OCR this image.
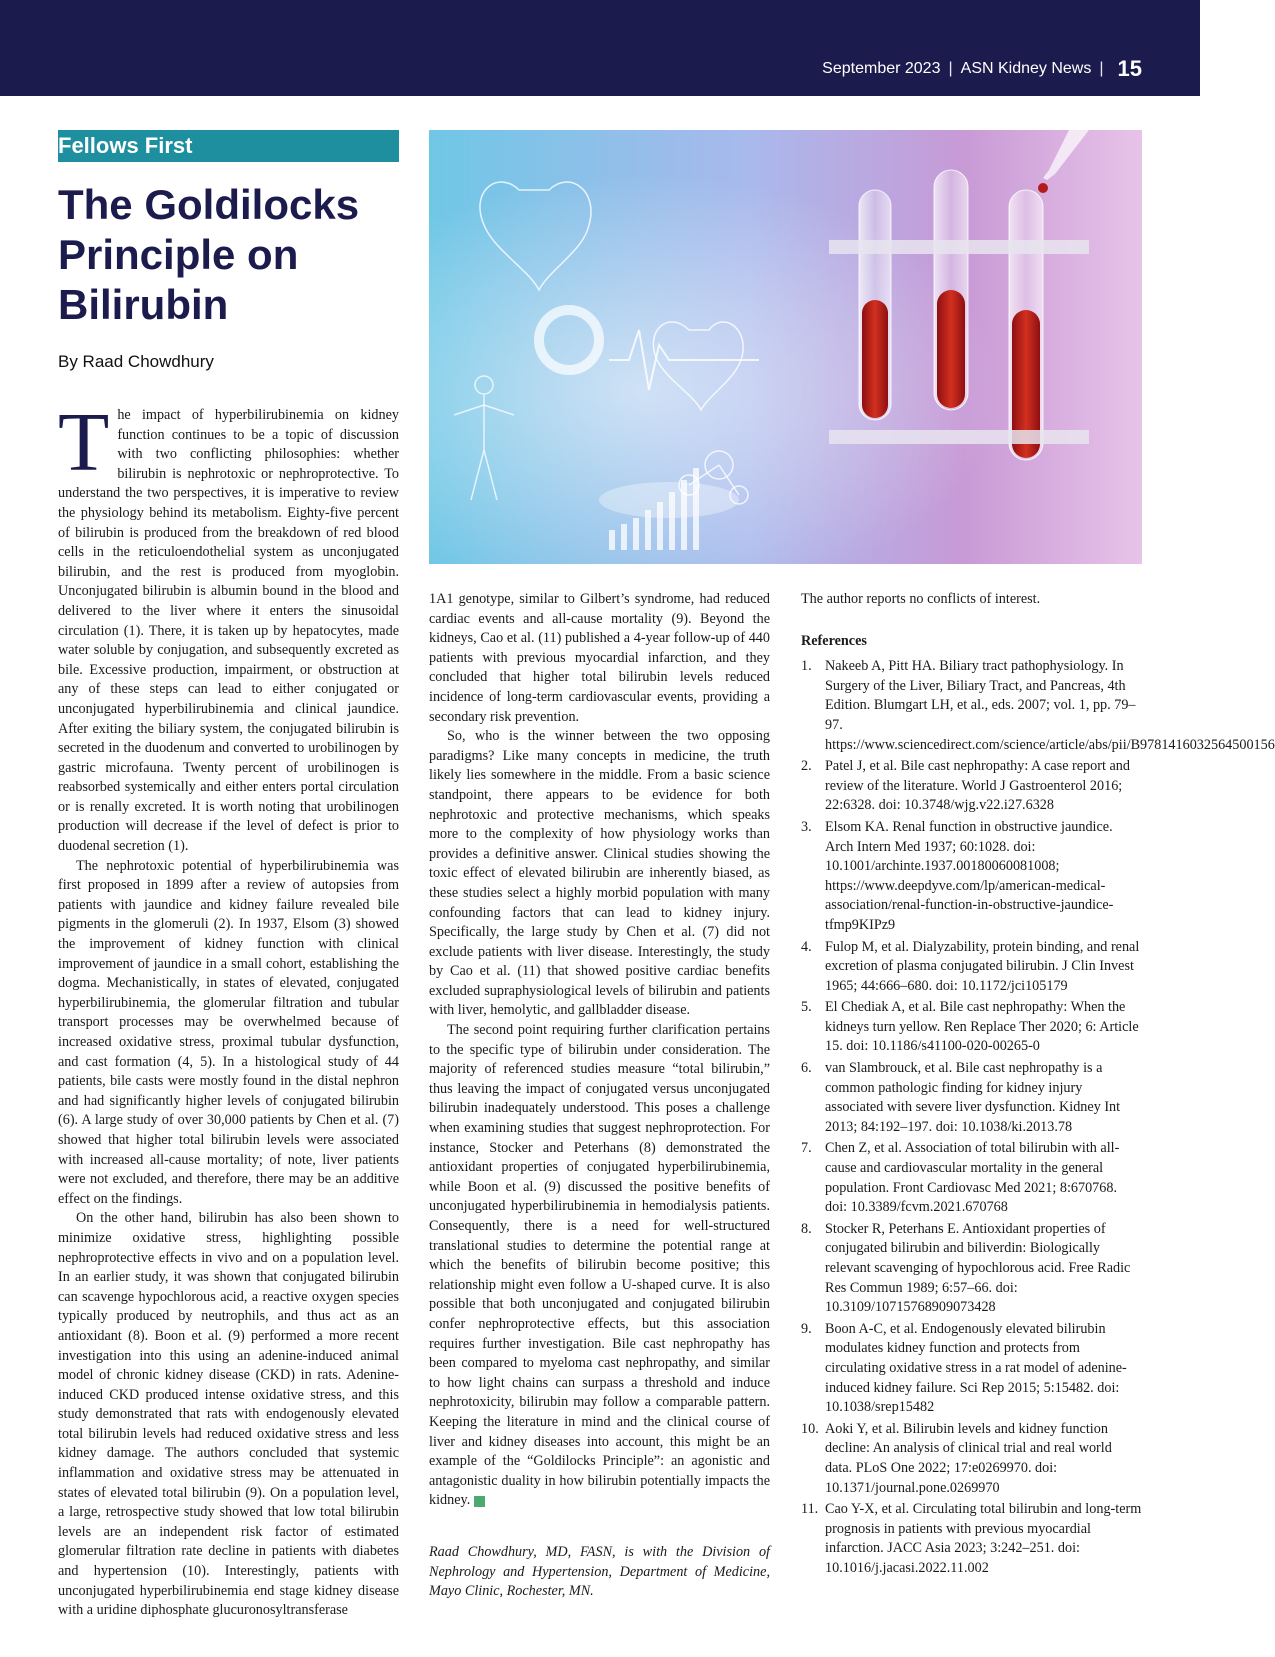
September 2023 | ASN Kidney News | 15
Fellows First
The Goldilocks Principle on Bilirubin
By Raad Chowdhury

The impact of hyperbilirubinemia on kidney function continues to be a topic of discussion with two conflicting philosophies: whether bilirubin is nephrotoxic or nephroprotective. To understand the two perspectives, it is imperative to review the physiology behind its metabolism. Eighty-five percent of bilirubin is produced from the breakdown of red blood cells in the reticuloendothelial system as unconjugated bilirubin, and the rest is produced from myoglobin. Unconjugated bilirubin is albumin bound in the blood and delivered to the liver where it enters the sinusoidal circulation (1). There, it is taken up by hepatocytes, made water soluble by conjugation, and subsequently excreted as bile. Excessive production, impairment, or obstruction at any of these steps can lead to either conjugated or unconjugated hyperbilirubinemia and clinical jaundice. After exiting the biliary system, the conjugated bilirubin is secreted in the duodenum and converted to urobilinogen by gastric microfauna. Twenty percent of urobilinogen is reabsorbed systemically and either enters portal circulation or is renally excreted. It is worth noting that urobilinogen production will decrease if the level of defect is prior to duodenal secretion (1).

The nephrotoxic potential of hyperbilirubinemia was first proposed in 1899 after a review of autopsies from patients with jaundice and kidney failure revealed bile pigments in the glomeruli (2). In 1937, Elsom (3) showed the improvement of kidney function with clinical improvement of jaundice in a small cohort, establishing the dogma. Mechanistically, in states of elevated, conjugated hyperbilirubinemia, the glomerular filtration and tubular transport processes may be overwhelmed because of increased oxidative stress, proximal tubular dysfunction, and cast formation (4, 5). In a histological study of 44 patients, bile casts were mostly found in the distal nephron and had significantly higher levels of conjugated bilirubin (6). A large study of over 30,000 patients by Chen et al. (7) showed that higher total bilirubin levels were associated with increased all-cause mortality; of note, liver patients were not excluded, and therefore, there may be an additive effect on the findings.

On the other hand, bilirubin has also been shown to minimize oxidative stress, highlighting possible nephroprotective effects in vivo and on a population level. In an earlier study, it was shown that conjugated bilirubin can scavenge hypochlorous acid, a reactive oxygen species typically produced by neutrophils, and thus act as an antioxidant (8). Boon et al. (9) performed a more recent investigation into this using an adenine-induced animal model of chronic kidney disease (CKD) in rats. Adenine-induced CKD produced intense oxidative stress, and this study demonstrated that rats with endogenously elevated total bilirubin levels had reduced oxidative stress and less kidney damage. The authors concluded that systemic inflammation and oxidative stress may be attenuated in states of elevated total bilirubin (9). On a population level, a large, retrospective study showed that low total bilirubin levels are an independent risk factor of estimated glomerular filtration rate decline in patients with diabetes and hypertension (10). Interestingly, patients with unconjugated hyperbilirubinemia end stage kidney disease with a uridine diphosphate glucuronosyltransferase

1A1 genotype, similar to Gilbert’s syndrome, had reduced cardiac events and all-cause mortality (9). Beyond the kidneys, Cao et al. (11) published a 4-year follow-up of 440 patients with previous myocardial infarction, and they concluded that higher total bilirubin levels reduced incidence of long-term cardiovascular events, providing a secondary risk prevention.

So, who is the winner between the two opposing paradigms? Like many concepts in medicine, the truth likely lies somewhere in the middle. From a basic science standpoint, there appears to be evidence for both nephrotoxic and protective mechanisms, which speaks more to the complexity of how physiology works than provides a definitive answer. Clinical studies showing the toxic effect of elevated bilirubin are inherently biased, as these studies select a highly morbid population with many confounding factors that can lead to kidney injury. Specifically, the large study by Chen et al. (7) did not exclude patients with liver disease. Interestingly, the study by Cao et al. (11) that showed positive cardiac benefits excluded supraphysiological levels of bilirubin and patients with liver, hemolytic, and gallbladder disease.

The second point requiring further clarification pertains to the specific type of bilirubin under consideration. The majority of referenced studies measure “total bilirubin,” thus leaving the impact of conjugated versus unconjugated bilirubin inadequately understood. This poses a challenge when examining studies that suggest nephroprotection. For instance, Stocker and Peterhans (8) demonstrated the antioxidant properties of conjugated hyperbilirubinemia, while Boon et al. (9) discussed the positive benefits of unconjugated hyperbilirubinemia in hemodialysis patients. Consequently, there is a need for well-structured translational studies to determine the potential range at which the benefits of bilirubin become positive; this relationship might even follow a U-shaped curve. It is also possible that both unconjugated and conjugated bilirubin confer nephroprotective effects, but this association requires further investigation. Bile cast nephropathy has been compared to myeloma cast nephropathy, and similar to how light chains can surpass a threshold and induce nephrotoxicity, bilirubin may follow a comparable pattern. Keeping the literature in mind and the clinical course of liver and kidney diseases into account, this might be an example of the “Goldilocks Principle”: an agonistic and antagonistic duality in how bilirubin potentially impacts the kidney.

Raad Chowdhury, MD, FASN, is with the Division of Nephrology and Hypertension, Department of Medicine, Mayo Clinic, Rochester, MN.

The author reports no conflicts of interest.

References

1. Nakeeb A, Pitt HA. Biliary tract pathophysiology. In Surgery of the Liver, Biliary Tract, and Pancreas, 4th Edition. Blumgart LH, et al., eds. 2007; vol. 1, pp. 79–97. https://www.sciencedirect.com/science/article/abs/pii/B9781416032564500156
2. Patel J, et al. Bile cast nephropathy: A case report and review of the literature. World J Gastroenterol 2016; 22:6328. doi: 10.3748/wjg.v22.i27.6328
3. Elsom KA. Renal function in obstructive jaundice. Arch Intern Med 1937; 60:1028. doi: 10.1001/archinte.1937.00180060081008; https://www.deepdyve.com/lp/american-medical-association/renal-function-in-obstructive-jaundice-tfmp9KIPz9
4. Fulop M, et al. Dialyzability, protein binding, and renal excretion of plasma conjugated bilirubin. J Clin Invest 1965; 44:666–680. doi: 10.1172/jci105179
5. El Chediak A, et al. Bile cast nephropathy: When the kidneys turn yellow. Ren Replace Ther 2020; 6: Article 15. doi: 10.1186/s41100-020-00265-0
6. van Slambrouck, et al. Bile cast nephropathy is a common pathologic finding for kidney injury associated with severe liver dysfunction. Kidney Int 2013; 84:192–197. doi: 10.1038/ki.2013.78
7. Chen Z, et al. Association of total bilirubin with all-cause and cardiovascular mortality in the general population. Front Cardiovasc Med 2021; 8:670768. doi: 10.3389/fcvm.2021.670768
8. Stocker R, Peterhans E. Antioxidant properties of conjugated bilirubin and biliverdin: Biologically relevant scavenging of hypochlorous acid. Free Radic Res Commun 1989; 6:57–66. doi: 10.3109/10715768909073428
9. Boon A-C, et al. Endogenously elevated bilirubin modulates kidney function and protects from circulating oxidative stress in a rat model of adenine-induced kidney failure. Sci Rep 2015; 5:15482. doi: 10.1038/srep15482
10. Aoki Y, et al. Bilirubin levels and kidney function decline: An analysis of clinical trial and real world data. PLoS One 2022; 17:e0269970. doi: 10.1371/journal.pone.0269970
11. Cao Y-X, et al. Circulating total bilirubin and long-term prognosis in patients with previous myocardial infarction. JACC Asia 2023; 3:242–251. doi: 10.1016/j.jacasi.2022.11.002
